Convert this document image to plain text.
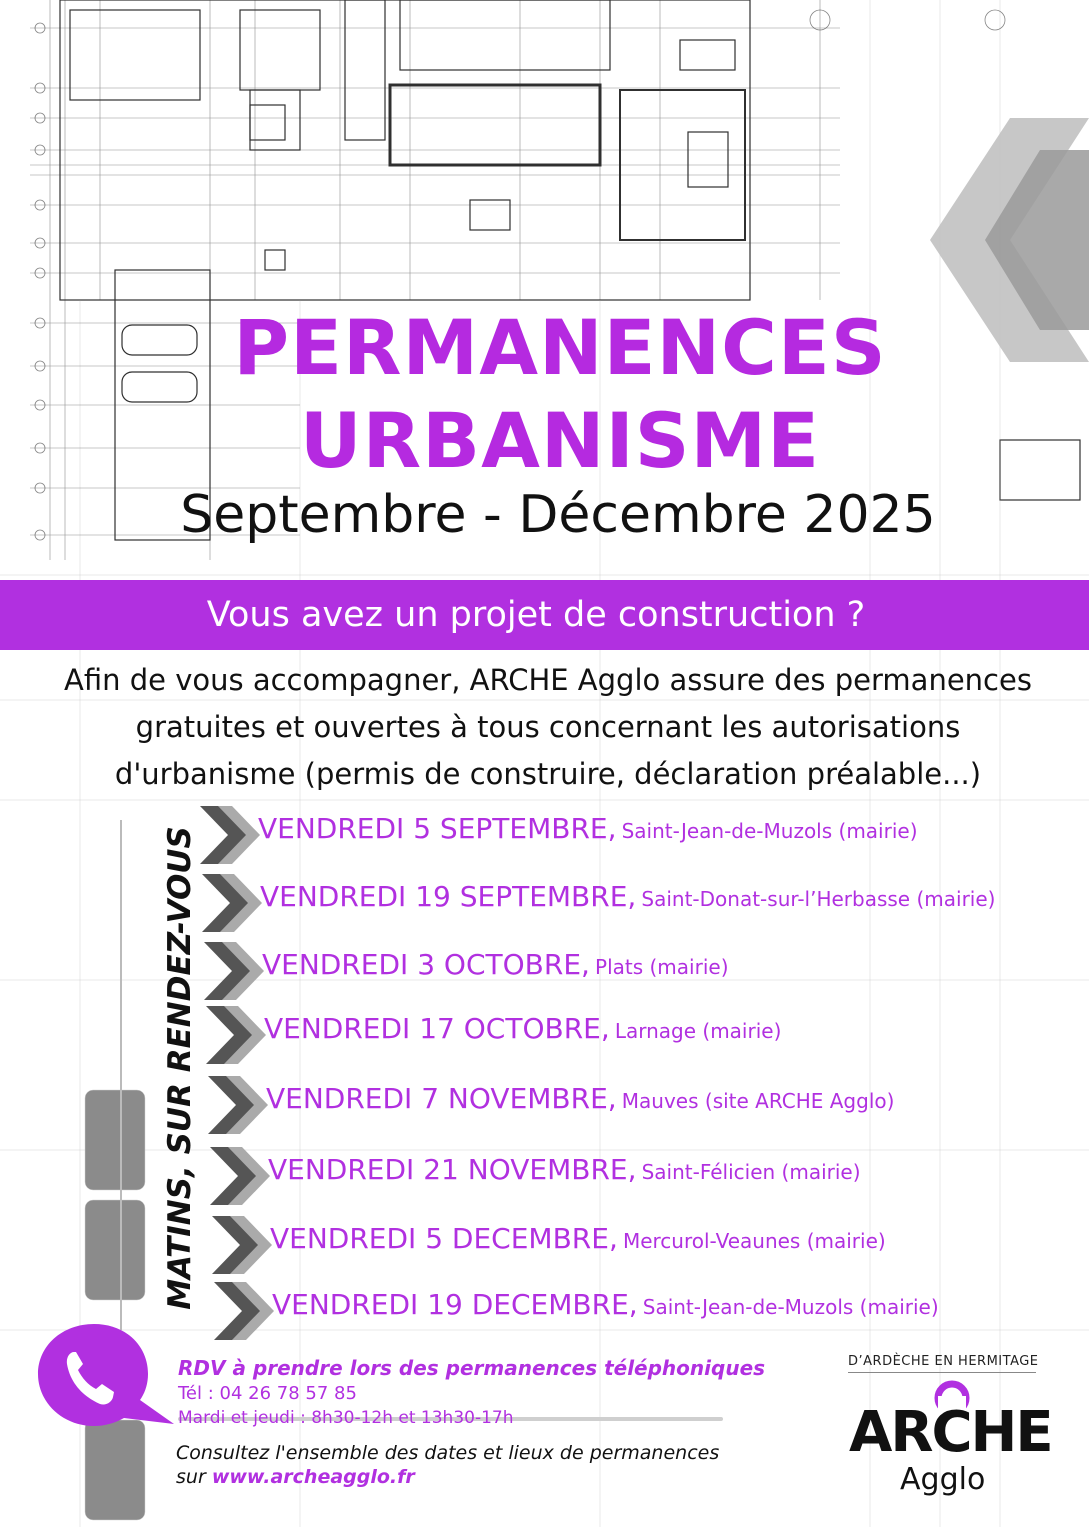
PERMANENCES
URBANISME
Septembre - Décembre 2025
Vous avez un projet de construction ?
Afin de vous accompagner, ARCHE Agglo assure des permanences
gratuites et ouvertes à tous concernant les autorisations
d'urbanisme (permis de construire, déclaration préalable...)
MATINS, SUR RENDEZ-VOUS VENDREDI 5 SEPTEMBRE, Saint-Jean-de-Muzols (mairie)
VENDREDI 19 SEPTEMBRE, Saint-Donat-sur-l’Herbasse (mairie)
VENDREDI 3 OCTOBRE, Plats (mairie)
VENDREDI 17 OCTOBRE, Larnage (mairie)
VENDREDI 7 NOVEMBRE, Mauves (site ARCHE Agglo)
VENDREDI 21 NOVEMBRE, Saint-Félicien (mairie)
VENDREDI 5 DECEMBRE, Mercurol-Veaunes (mairie)
VENDREDI 19 DECEMBRE, Saint-Jean-de-Muzols (mairie)
RDV à prendre lors des permanences téléphoniques
Tél : 04 26 78 57 85
Mardi et jeudi : 8h30-12h et 13h30-17h
Consultez l'ensemble des dates et lieux de permanences
sur www.archeagglo.fr
D’ARDÈCHE EN HERMITAGE
ARCHE
Agglo
